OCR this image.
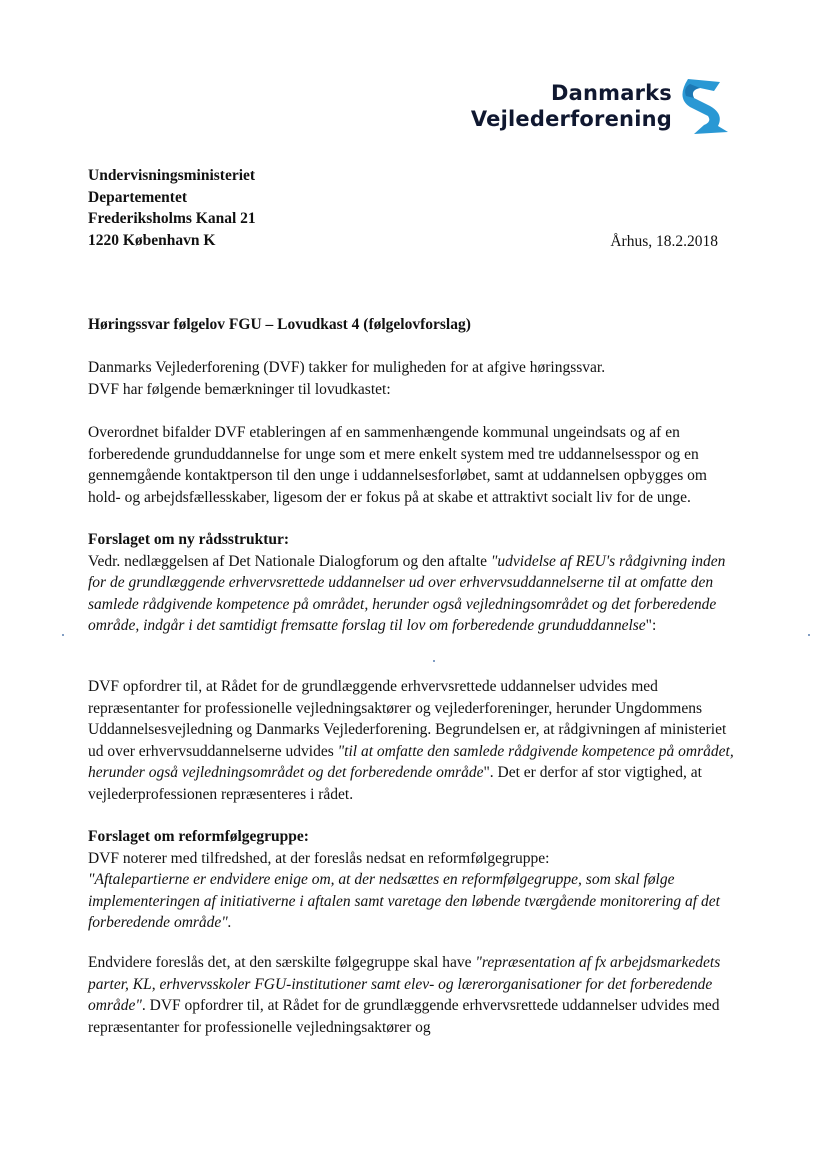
Danmarks
Vejlederforening
Undervisningsministeriet
Departementet
Frederiksholms Kanal 21
1220 København K	Århus, 18.2.2018
Høringssvar følgelov FGU – Lovudkast 4 (følgelovforslag)
Danmarks Vejlederforening (DVF) takker for muligheden for at afgive høringssvar.
DVF har følgende bemærkninger til lovudkastet:
Overordnet bifalder DVF etableringen af en sammenhængende kommunal ungeindsats og af en forberedende grunduddannelse for unge som et mere enkelt system med tre uddannelsesspor og en gennemgående kontaktperson til den unge i uddannelsesforløbet, samt at uddannelsen opbygges om hold- og arbejdsfællesskaber, ligesom der er fokus på at skabe et attraktivt socialt liv for de unge.
Forslaget om ny rådsstruktur:

Vedr. nedlæggelsen af Det Nationale Dialogforum og den aftalte "udvidelse af REU's rådgivning inden for de grundlæggende erhvervsrettede uddannelser ud over erhvervsuddannelserne til at omfatte den samlede rådgivende kompetence på området, herunder også vejledningsområdet og det forberedende område, indgår i det samtidigt fremsatte forslag til lov om forberedende grunduddannelse":

DVF opfordrer til, at Rådet for de grundlæggende erhvervsrettede uddannelser udvides med repræsentanter for professionelle vejledningsaktører og vejlederforeninger, herunder Ungdommens Uddannelsesvejledning og Danmarks Vejlederforening. Begrundelsen er, at rådgivningen af ministeriet ud over erhvervsuddannelserne udvides "til at omfatte den samlede rådgivende kompetence på området, herunder også vejledningsområdet og det forberedende område". Det er derfor af stor vigtighed, at vejlederprofessionen repræsenteres i rådet.
Forslaget om reformfølgegruppe:
DVF noterer med tilfredshed, at der foreslås nedsat en reformfølgegruppe:
"Aftalepartierne er endvidere enige om, at der nedsættes en reformfølgegruppe, som skal følge implementeringen af initiativerne i aftalen samt varetage den løbende tværgående monitorering af det forberedende område".
Endvidere foreslås det, at den særskilte følgegruppe skal have "repræsentation af fx arbejdsmarkedets parter, KL, erhvervsskoler FGU-institutioner samt elev- og lærerorganisationer for det forberedende område". DVF opfordrer til, at Rådet for de grundlæggende erhvervsrettede uddannelser udvides med repræsentanter for professionelle vejledningsaktører og
